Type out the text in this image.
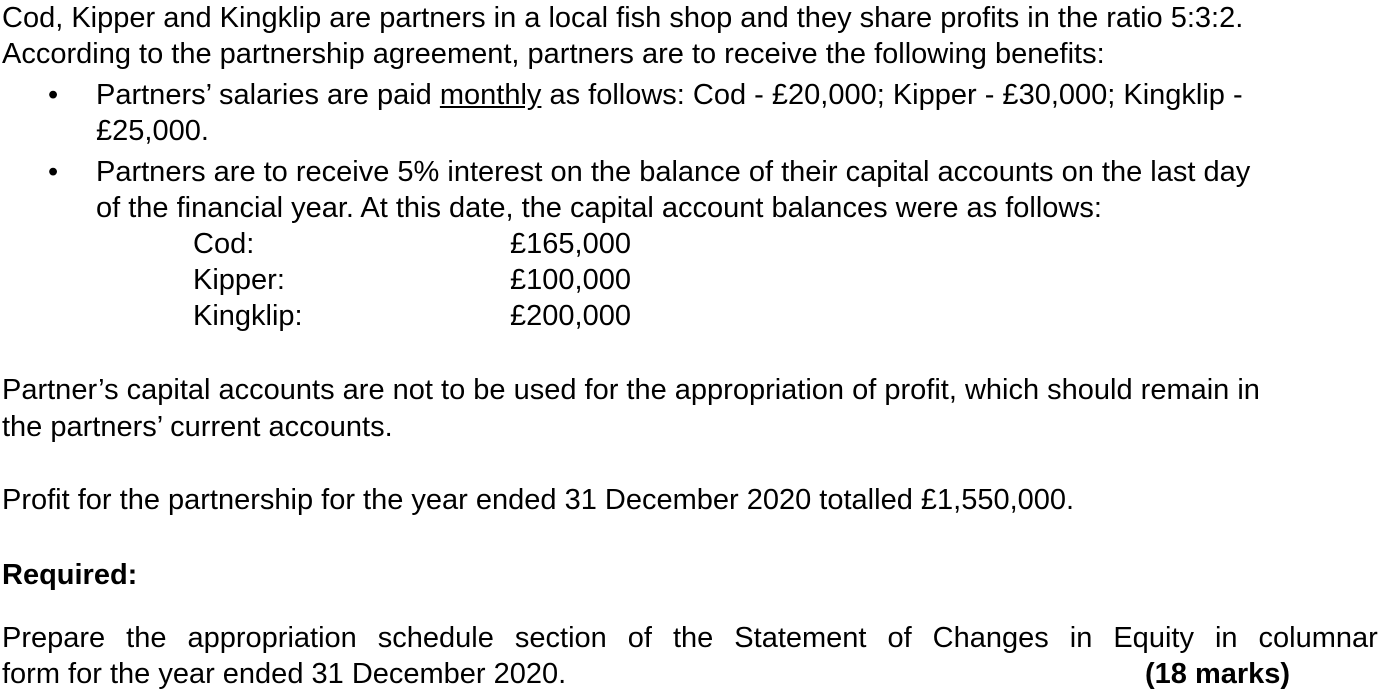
Cod, Kipper and Kingklip are partners in a local fish shop and they share profits in the ratio 5:3:2.
According to the partnership agreement, partners are to receive the following benefits:
• Partners’ salaries are paid monthly as follows: Cod - £20,000; Kipper - £30,000; Kingklip -
£25,000.
• Partners are to receive 5% interest on the balance of their capital accounts on the last day
of the financial year. At this date, the capital account balances were as follows:
Cod:	£165,000
Kipper:	£100,000
Kingklip:	£200,000
Partner’s capital accounts are not to be used for the appropriation of profit, which should remain in
the partners’ current accounts.
Profit for the partnership for the year ended 31 December 2020 totalled £1,550,000.
Required:
Prepare the appropriation schedule section of the Statement of Changes in Equity in columnar
form for the year ended 31 December 2020.	(18 marks)
